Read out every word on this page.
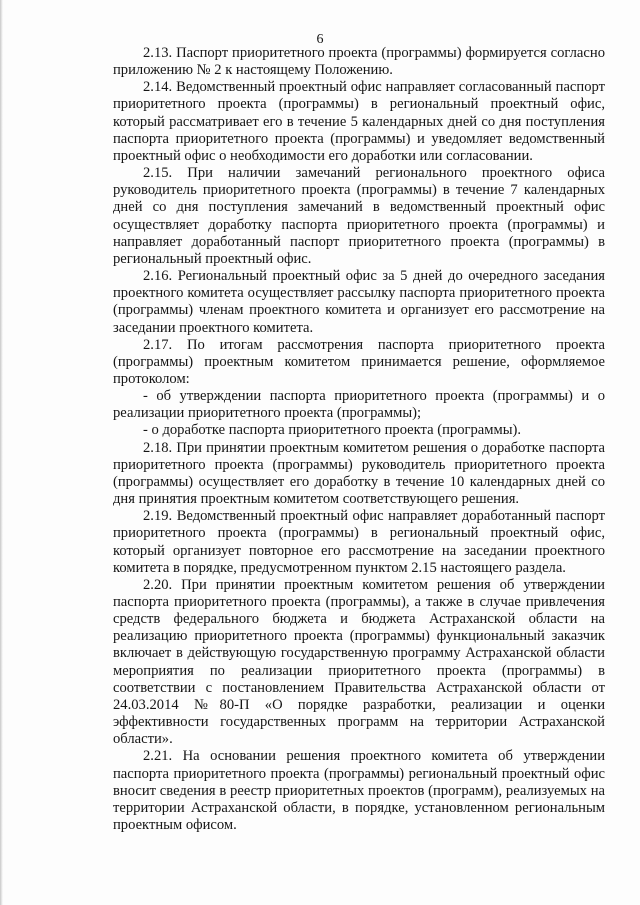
6

2.13. Паспорт приоритетного проекта (программы) формируется согласно приложению № 2 к настоящему Положению.

2.14. Ведомственный проектный офис направляет согласованный паспорт приоритетного проекта (программы) в региональный проектный офис, который рассматривает его в течение 5 календарных дней со дня поступления паспорта приоритетного проекта (программы) и уведомляет ведомственный проектный офис о необходимости его доработки или согласовании.

2.15. При наличии замечаний регионального проектного офиса руководитель приоритетного проекта (программы) в течение 7 календарных дней со дня поступления замечаний в ведомственный проектный офис осуществляет доработку паспорта приоритетного проекта (программы) и направляет доработанный паспорт приоритетного проекта (программы) в региональный проектный офис.

2.16. Региональный проектный офис за 5 дней до очередного заседания проектного комитета осуществляет рассылку паспорта приоритетного проекта (программы) членам проектного комитета и организует его рассмотрение на заседании проектного комитета.

2.17. По итогам рассмотрения паспорта приоритетного проекта (программы) проектным комитетом принимается решение, оформляемое протоколом:

- об утверждении паспорта приоритетного проекта (программы) и о реализации приоритетного проекта (программы);

- о доработке паспорта приоритетного проекта (программы).

2.18. При принятии проектным комитетом решения о доработке паспорта приоритетного проекта (программы) руководитель приоритетного проекта (программы) осуществляет его доработку в течение 10 календарных дней со дня принятия проектным комитетом соответствующего решения.

2.19. Ведомственный проектный офис направляет доработанный паспорт приоритетного проекта (программы) в региональный проектный офис, который организует повторное его рассмотрение на заседании проектного комитета в порядке, предусмотренном пунктом 2.15 настоящего раздела.

2.20. При принятии проектным комитетом решения об утверждении паспорта приоритетного проекта (программы), а также в случае привлечения средств федерального бюджета и бюджета Астраханской области на реализацию приоритетного проекта (программы) функциональный заказчик включает в действующую государственную программу Астраханской области мероприятия по реализации приоритетного проекта (программы) в соответствии с постановлением Правительства Астраханской области от 24.03.2014 №80-П «О порядке разработки, реализации и оценки эффективности государственных программ на территории Астраханской области».

2.21. На основании решения проектного комитета об утверждении паспорта приоритетного проекта (программы) региональный проектный офис вносит сведения в реестр приоритетных проектов (программ), реализуемых на территории Астраханской области, в порядке, установленном региональным проектным офисом.
